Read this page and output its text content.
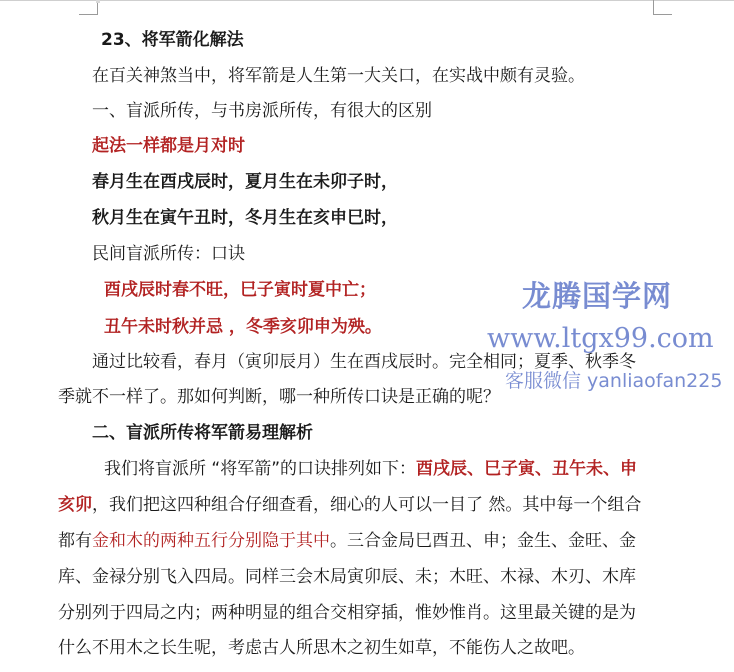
23、将军箭化解法
在百关神煞当中，将军箭是人生第一大关口，在实战中颇有灵验。
一、盲派所传，与书房派所传，有很大的区别
起法一样都是月对时
春月生在酉戌辰时，夏月生在未卯子时，
秋月生在寅午丑时，冬月生在亥申巳时，
民间盲派所传：口诀
酉戌辰时春不旺，巳子寅时夏中亡；
丑午未时秋并忌 ，冬季亥卯申为殃。
通过比较看，春月（寅卯辰月）生在酉戌辰时。完全相同；夏季、秋季冬
季就不一样了。那如何判断，哪一种所传口诀是正确的呢？
二、盲派所传将军箭易理解析
我们将盲派所 “将军箭”的口诀排列如下：酉戌辰、巳子寅、丑午未、申
亥卯，我们把这四种组合仔细查看，细心的人可以一目了 然。其中每一个组合
都有金和木的两种五行分别隐于其中。三合金局巳酉丑、申；金生、金旺、金
库、金禄分别飞入四局。同样三会木局寅卯辰、未；木旺、木禄、木刃、木库
分别列于四局之内；两种明显的组合交相穿插，惟妙惟肖。这里最关键的是为
什么不用木之长生呢，考虑古人所思木之初生如草，不能伤人之故吧。
龙腾国学网
www.ltgx99.com
客服微信 yanliaofan225
